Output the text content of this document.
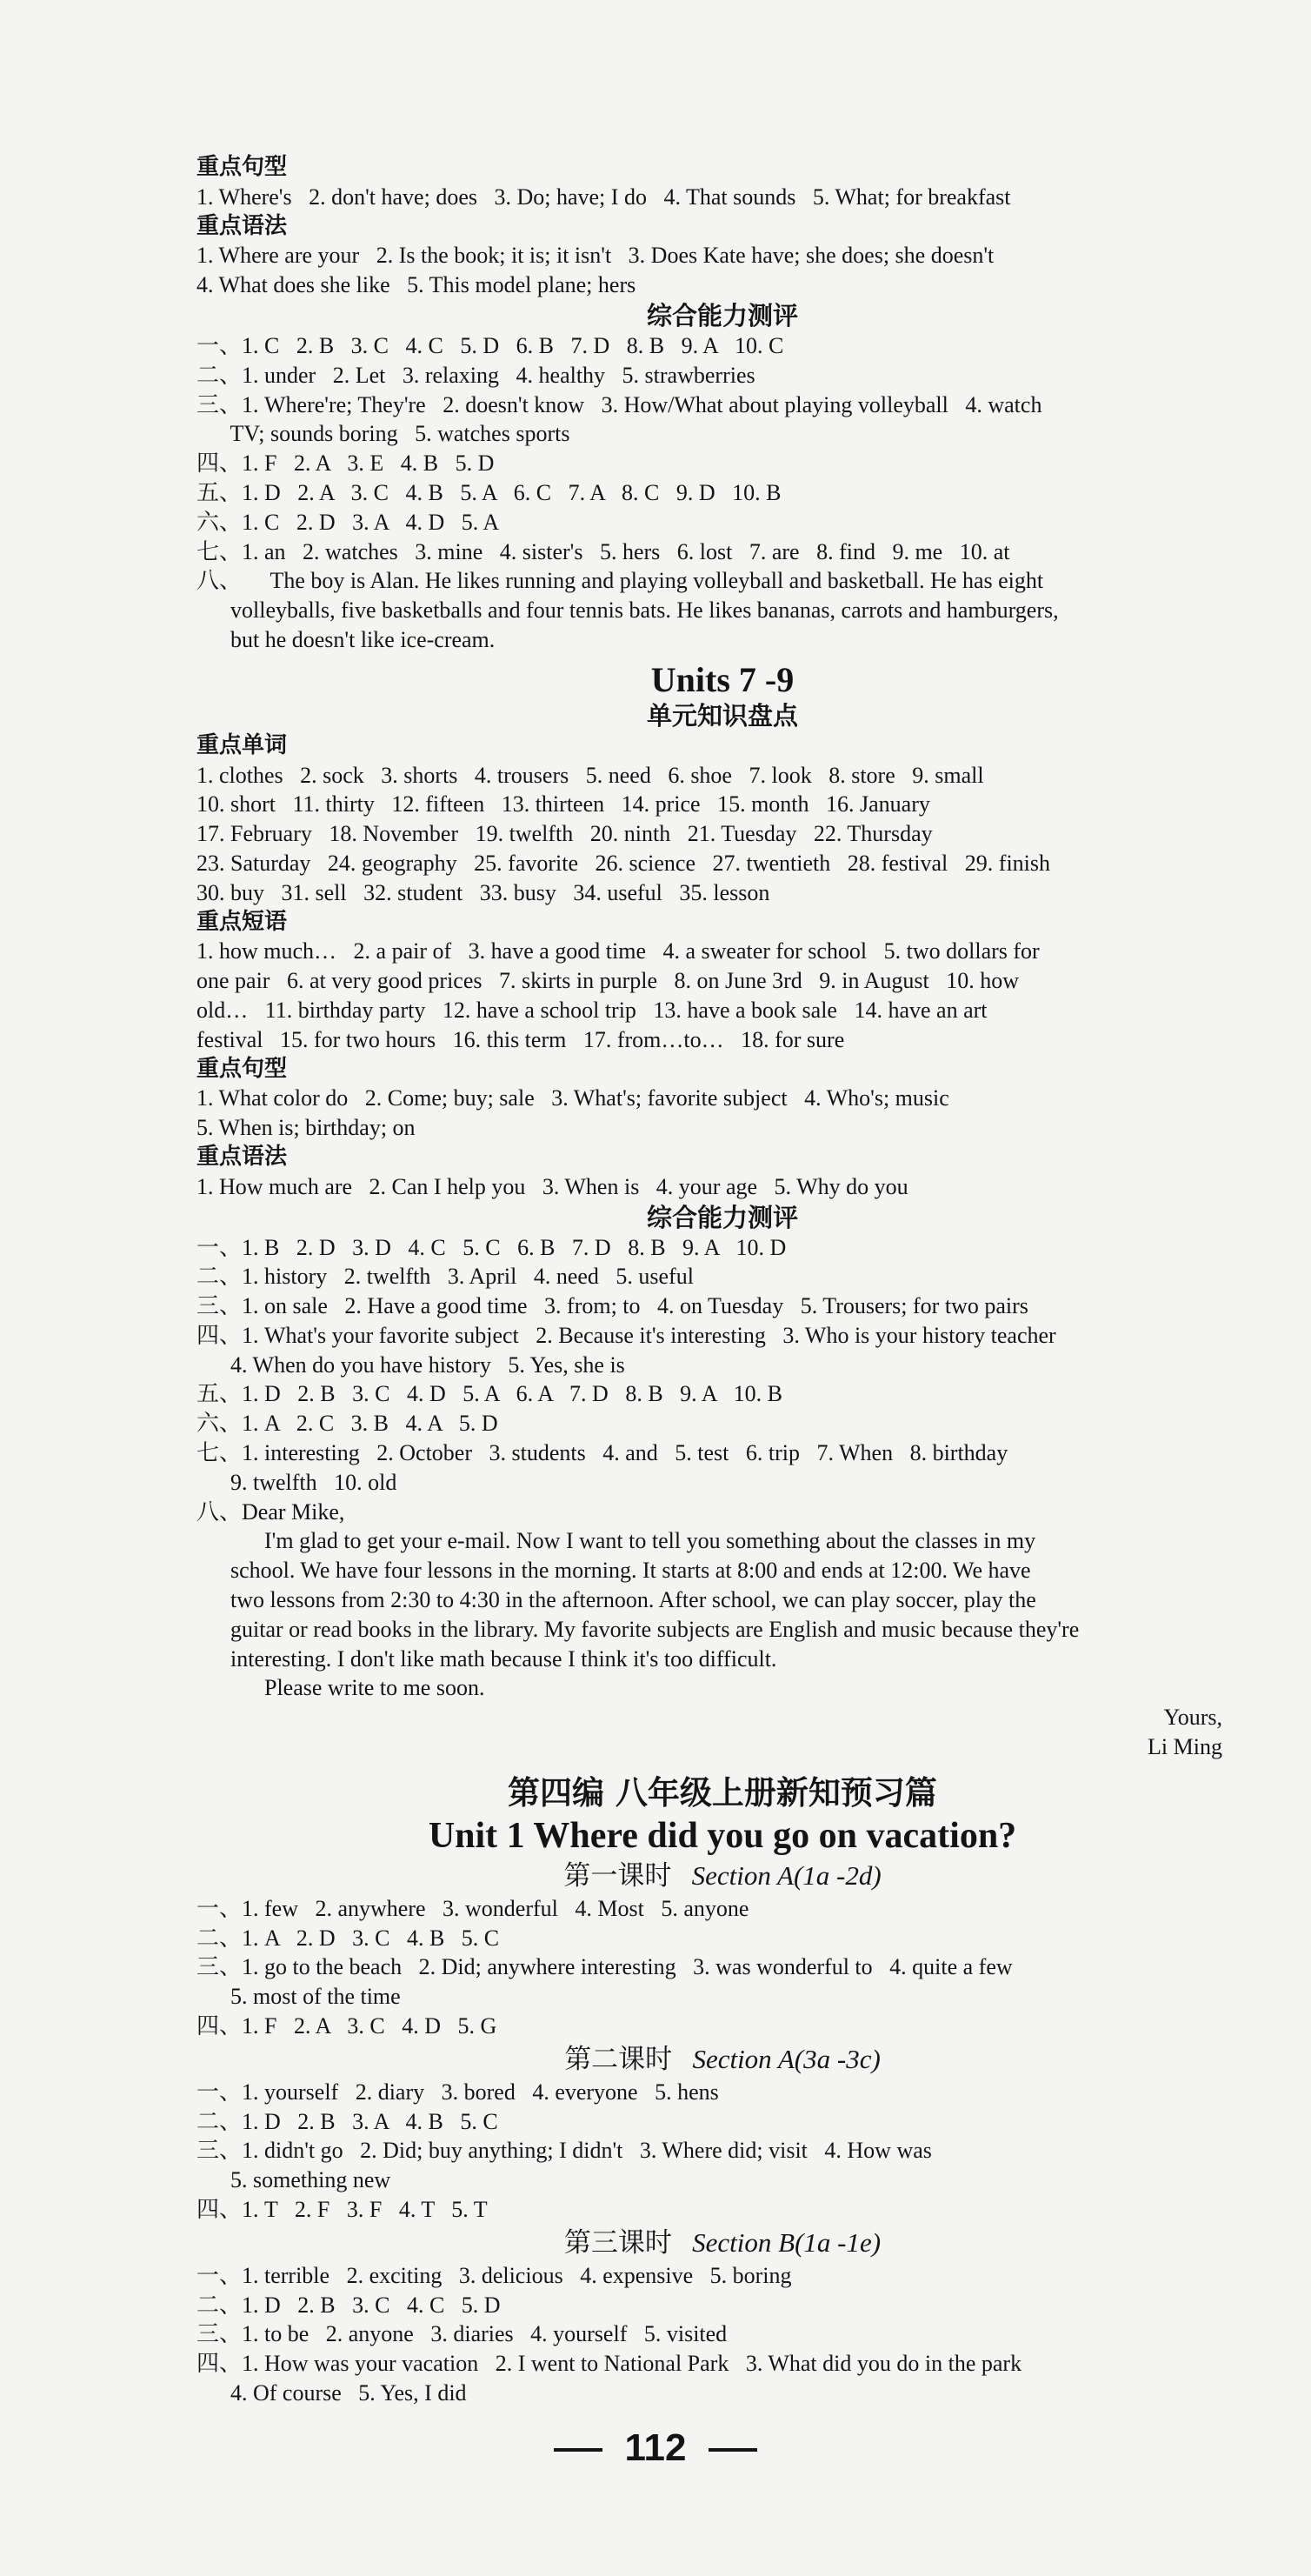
重点句型
1. Where's   2. don't have; does   3. Do; have; I do   4. That sounds   5. What; for breakfast
重点语法
1. Where are your   2. Is the book; it is; it isn't   3. Does Kate have; she does; she doesn't
4. What does she like   5. This model plane; hers
综合能力测评
一、1. C   2. B   3. C   4. C   5. D   6. B   7. D   8. B   9. A   10. C
二、1. under   2. Let   3. relaxing   4. healthy   5. strawberries
三、1. Where're; They're   2. doesn't know   3. How/What about playing volleyball   4. watch
TV; sounds boring   5. watches sports
四、1. F   2. A   3. E   4. B   5. D
五、1. D   2. A   3. C   4. B   5. A   6. C   7. A   8. C   9. D   10. B
六、1. C   2. D   3. A   4. D   5. A
七、1. an   2. watches   3. mine   4. sister's   5. hers   6. lost   7. are   8. find   9. me   10. at
八、     The boy is Alan. He likes running and playing volleyball and basketball. He has eight
volleyballs, five basketballs and four tennis bats. He likes bananas, carrots and hamburgers,
but he doesn't like ice-cream.
Units 7 -9
单元知识盘点
重点单词
1. clothes   2. sock   3. shorts   4. trousers   5. need   6. shoe   7. look   8. store   9. small
10. short   11. thirty   12. fifteen   13. thirteen   14. price   15. month   16. January
17. February   18. November   19. twelfth   20. ninth   21. Tuesday   22. Thursday
23. Saturday   24. geography   25. favorite   26. science   27. twentieth   28. festival   29. finish
30. buy   31. sell   32. student   33. busy   34. useful   35. lesson
重点短语
1. how much…   2. a pair of   3. have a good time   4. a sweater for school   5. two dollars for
one pair   6. at very good prices   7. skirts in purple   8. on June 3rd   9. in August   10. how
old…   11. birthday party   12. have a school trip   13. have a book sale   14. have an art
festival   15. for two hours   16. this term   17. from…to…   18. for sure
重点句型
1. What color do   2. Come; buy; sale   3. What's; favorite subject   4. Who's; music
5. When is; birthday; on
重点语法
1. How much are   2. Can I help you   3. When is   4. your age   5. Why do you
综合能力测评
一、1. B   2. D   3. D   4. C   5. C   6. B   7. D   8. B   9. A   10. D
二、1. history   2. twelfth   3. April   4. need   5. useful
三、1. on sale   2. Have a good time   3. from; to   4. on Tuesday   5. Trousers; for two pairs
四、1. What's your favorite subject   2. Because it's interesting   3. Who is your history teacher
4. When do you have history   5. Yes, she is
五、1. D   2. B   3. C   4. D   5. A   6. A   7. D   8. B   9. A   10. B
六、1. A   2. C   3. B   4. A   5. D
七、1. interesting   2. October   3. students   4. and   5. test   6. trip   7. When   8. birthday
9. twelfth   10. old
八、Dear Mike,
I'm glad to get your e-mail. Now I want to tell you something about the classes in my
school. We have four lessons in the morning. It starts at 8:00 and ends at 12:00. We have
two lessons from 2:30 to 4:30 in the afternoon. After school, we can play soccer, play the
guitar or read books in the library. My favorite subjects are English and music because they're
interesting. I don't like math because I think it's too difficult.
Please write to me soon.
Yours,
Li Ming
第四编 八年级上册新知预习篇
Unit 1 Where did you go on vacation?
第一课时 Section A(1a -2d)
一、1. few   2. anywhere   3. wonderful   4. Most   5. anyone
二、1. A   2. D   3. C   4. B   5. C
三、1. go to the beach   2. Did; anywhere interesting   3. was wonderful to   4. quite a few
5. most of the time
四、1. F   2. A   3. C   4. D   5. G
第二课时 Section A(3a -3c)
一、1. yourself   2. diary   3. bored   4. everyone   5. hens
二、1. D   2. B   3. A   4. B   5. C
三、1. didn't go   2. Did; buy anything; I didn't   3. Where did; visit   4. How was
5. something new
四、1. T   2. F   3. F   4. T   5. T
第三课时 Section B(1a -1e)
一、1. terrible   2. exciting   3. delicious   4. expensive   5. boring
二、1. D   2. B   3. C   4. C   5. D
三、1. to be   2. anyone   3. diaries   4. yourself   5. visited
四、1. How was your vacation   2. I went to National Park   3. What did you do in the park
4. Of course   5. Yes, I did
112
